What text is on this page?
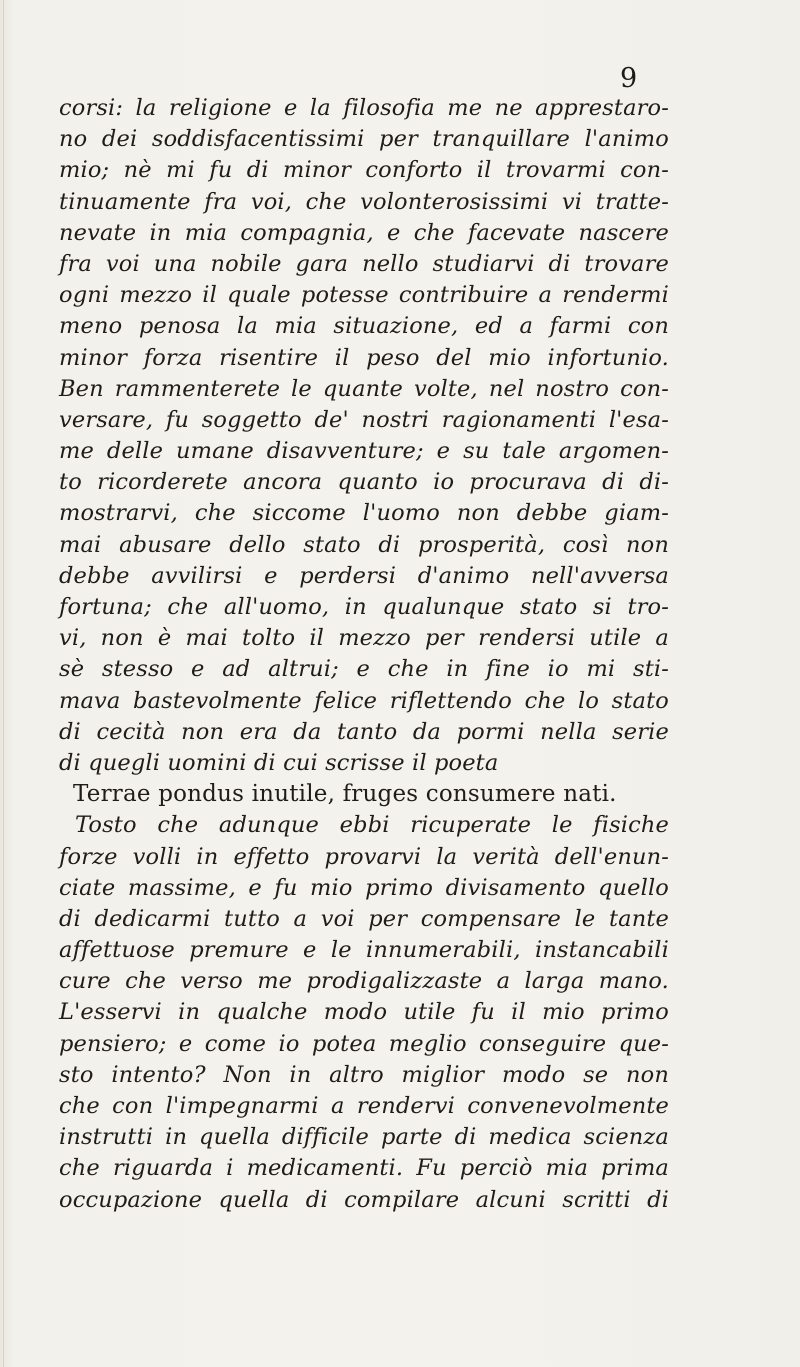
9
corsi: la religione e la filosofia me ne apprestaro-
no dei soddisfacentissimi per tranquillare l'animo
mio; nè mi fu di minor conforto il trovarmi con-
tinuamente fra voi, che volonterosissimi vi tratte-
nevate in mia compagnia, e che facevate nascere
fra voi una nobile gara nello studiarvi di trovare
ogni mezzo il quale potesse contribuire a rendermi
meno penosa la mia situazione, ed a farmi con
minor forza risentire il peso del mio infortunio.
Ben rammenterete le quante volte, nel nostro con-
versare, fu soggetto de' nostri ragionamenti l'esa-
me delle umane disavventure; e su tale argomen-
to ricorderete ancora quanto io procurava di di-
mostrarvi, che siccome l'uomo non debbe giam-
mai abusare dello stato di prosperità, così non
debbe avvilirsi e perdersi d'animo nell'avversa
fortuna; che all'uomo, in qualunque stato si tro-
vi, non è mai tolto il mezzo per rendersi utile a
sè stesso e ad altrui; e che in fine io mi sti-
mava bastevolmente felice riflettendo che lo stato
di cecità non era da tanto da pormi nella serie
di quegli uomini di cui scrisse il poeta
Terrae pondus inutile, fruges consumere nati.
Tosto che adunque ebbi ricuperate le fisiche
forze volli in effetto provarvi la verità dell'enun-
ciate massime, e fu mio primo divisamento quello
di dedicarmi tutto a voi per compensare le tante
affettuose premure e le innumerabili, instancabili
cure che verso me prodigalizzaste a larga mano.
L'esservi in qualche modo utile fu il mio primo
pensiero; e come io potea meglio conseguire que-
sto intento? Non in altro miglior modo se non
che con l'impegnarmi a rendervi convenevolmente
instrutti in quella difficile parte di medica scienza
che riguarda i medicamenti. Fu perciò mia prima
occupazione quella di compilare alcuni scritti di
